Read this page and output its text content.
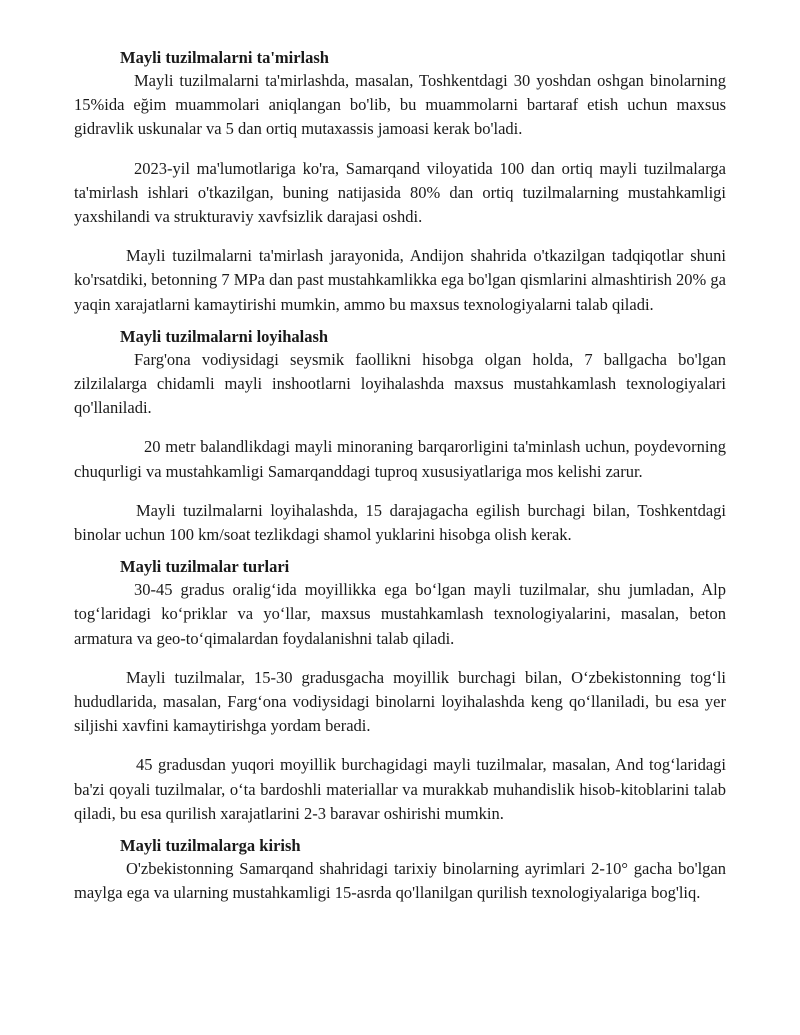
Mayli tuzilmalarni ta'mirlash

Mayli tuzilmalarni ta'mirlashda, masalan, Toshkentdagi 30 yoshdan oshgan binolarning 15%ida eğim muammolari aniqlangan bo'lib, bu muammolarni bartaraf etish uchun maxsus gidravlik uskunalar va 5 dan ortiq mutaxassis jamoasi kerak bo'ladi.

2023-yil ma'lumotlariga ko'ra, Samarqand viloyatida 100 dan ortiq mayli tuzilmalarga ta'mirlash ishlari o'tkazilgan, buning natijasida 80% dan ortiq tuzilmalarning mustahkamligi yaxshilandi va strukturaviy xavfsizlik darajasi oshdi.

Mayli tuzilmalarni ta'mirlash jarayonida, Andijon shahrida o'tkazilgan tadqiqotlar shuni ko'rsatdiki, betonning 7 MPa dan past mustahkamlikka ega bo'lgan qismlarini almashtirish 20% ga yaqin xarajatlarni kamaytirishi mumkin, ammo bu maxsus texnologiyalarni talab qiladi.

Mayli tuzilmalarni loyihalash

Farg'ona vodiysidagi seysmik faollikni hisobga olgan holda, 7 ballgacha bo'lgan zilzilalarga chidamli mayli inshootlarni loyihalashda maxsus mustahkamlash texnologiyalari qo'llaniladi.

20 metr balandlikdagi mayli minoraning barqarorligini ta'minlash uchun, poydevorning chuqurligi va mustahkamligi Samarqanddagi tuproq xususiyatlariga mos kelishi zarur.

Mayli tuzilmalarni loyihalashda, 15 darajagacha egilish burchagi bilan, Toshkentdagi binolar uchun 100 km/soat tezlikdagi shamol yuklarini hisobga olish kerak.

Mayli tuzilmalar turlari

30-45 gradus oralig‘ida moyillikka ega bo‘lgan mayli tuzilmalar, shu jumladan, Alp tog‘laridagi ko‘priklar va yo‘llar, maxsus mustahkamlash texnologiyalarini, masalan, beton armatura va geo-to‘qimalardan foydalanishni talab qiladi.

Mayli tuzilmalar, 15-30 gradusgacha moyillik burchagi bilan, O‘zbekistonning tog‘li hududlarida, masalan, Farg‘ona vodiysidagi binolarni loyihalashda keng qo‘llaniladi, bu esa yer siljishi xavfini kamaytirishga yordam beradi.

45 gradusdan yuqori moyillik burchagidagi mayli tuzilmalar, masalan, And tog‘laridagi ba'zi qoyali tuzilmalar, o‘ta bardoshli materiallar va murakkab muhandislik hisob-kitoblarini talab qiladi, bu esa qurilish xarajatlarini 2-3 baravar oshirishi mumkin.

Mayli tuzilmalarga kirish

O'zbekistonning Samarqand shahridagi tarixiy binolarning ayrimlari 2-10° gacha bo'lgan maylga ega va ularning mustahkamligi 15-asrda qo'llanilgan qurilish texnologiyalariga bog'liq.
